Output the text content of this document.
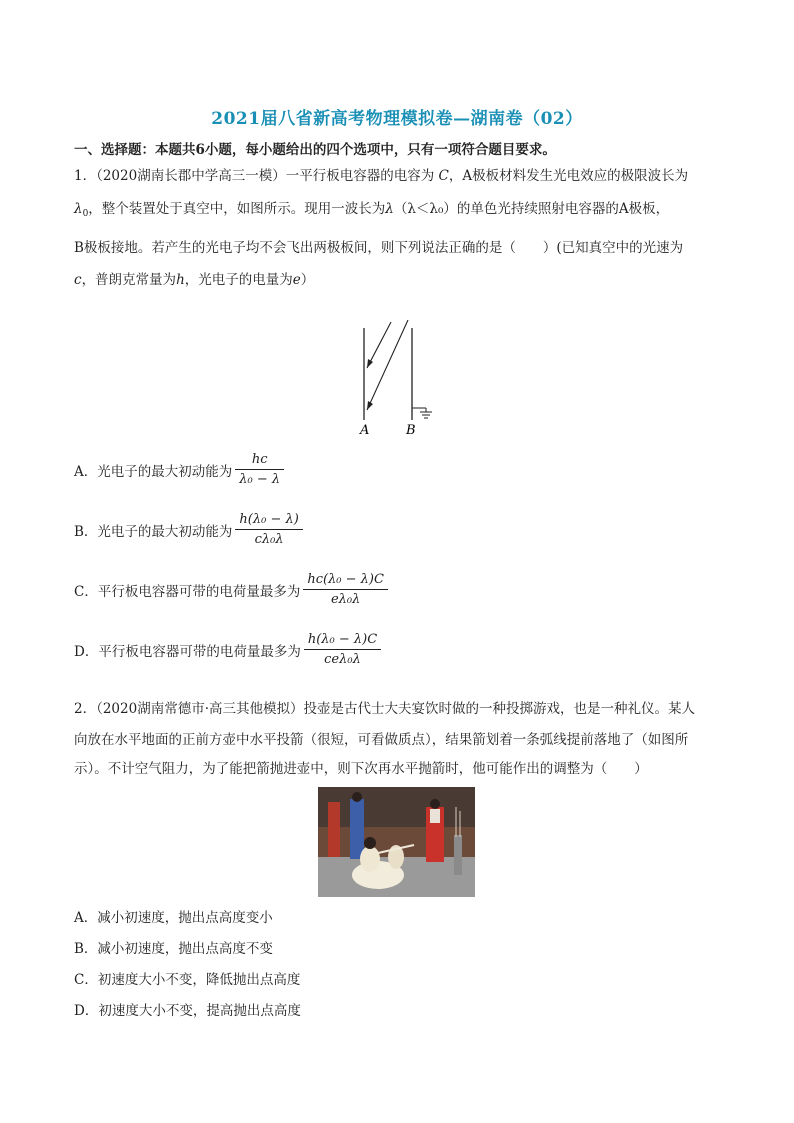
2021届八省新高考物理模拟卷—湖南卷（02）
一、选择题：本题共6小题，每小题给出的四个选项中，只有一项符合题目要求。
1．（2020湖南长郡中学高三一模）一平行板电容器的电容为 C，A极板材料发生光电效应的极限波长为
$\lambda_0$，整个装置处于真空中，如图所示。现用一波长为λ（λ＜λ₀）的单色光持续照射电容器的A极板，
B极板接地。若产生的光电子均不会飞出两极板间，则下列说法正确的是（　　）(已知真空中的光速为
c，普朗克常量为h，光电子的电量为e）
A	B
A．光电子的最大初动能为 $\frac{hc}{\text{λ₀ − λ}}$
B．光电子的最大初动能为 $\frac{\text{h(λ₀ − λ)}}{\text{cλ₀λ}}$
C．平行板电容器可带的电荷量最多为 $\frac{\text{hc(λ₀ − λ)C}}{\text{eλ₀λ}}$
D．平行板电容器可带的电荷量最多为 $\frac{\text{h(λ₀ − λ)C}}{\text{ceλ₀λ}}$
2．（2020湖南常德市·高三其他模拟）投壶是古代士大夫宴饮时做的一种投掷游戏，也是一种礼仪。某人
向放在水平地面的正前方壶中水平投箭（很短，可看做质点），结果箭划着一条弧线提前落地了（如图所
示）。不计空气阻力，为了能把箭抛进壶中，则下次再水平抛箭时，他可能作出的调整为（　　）
A．减小初速度，抛出点高度变小
B．减小初速度，抛出点高度不变
C．初速度大小不变，降低抛出点高度
D．初速度大小不变，提高抛出点高度
